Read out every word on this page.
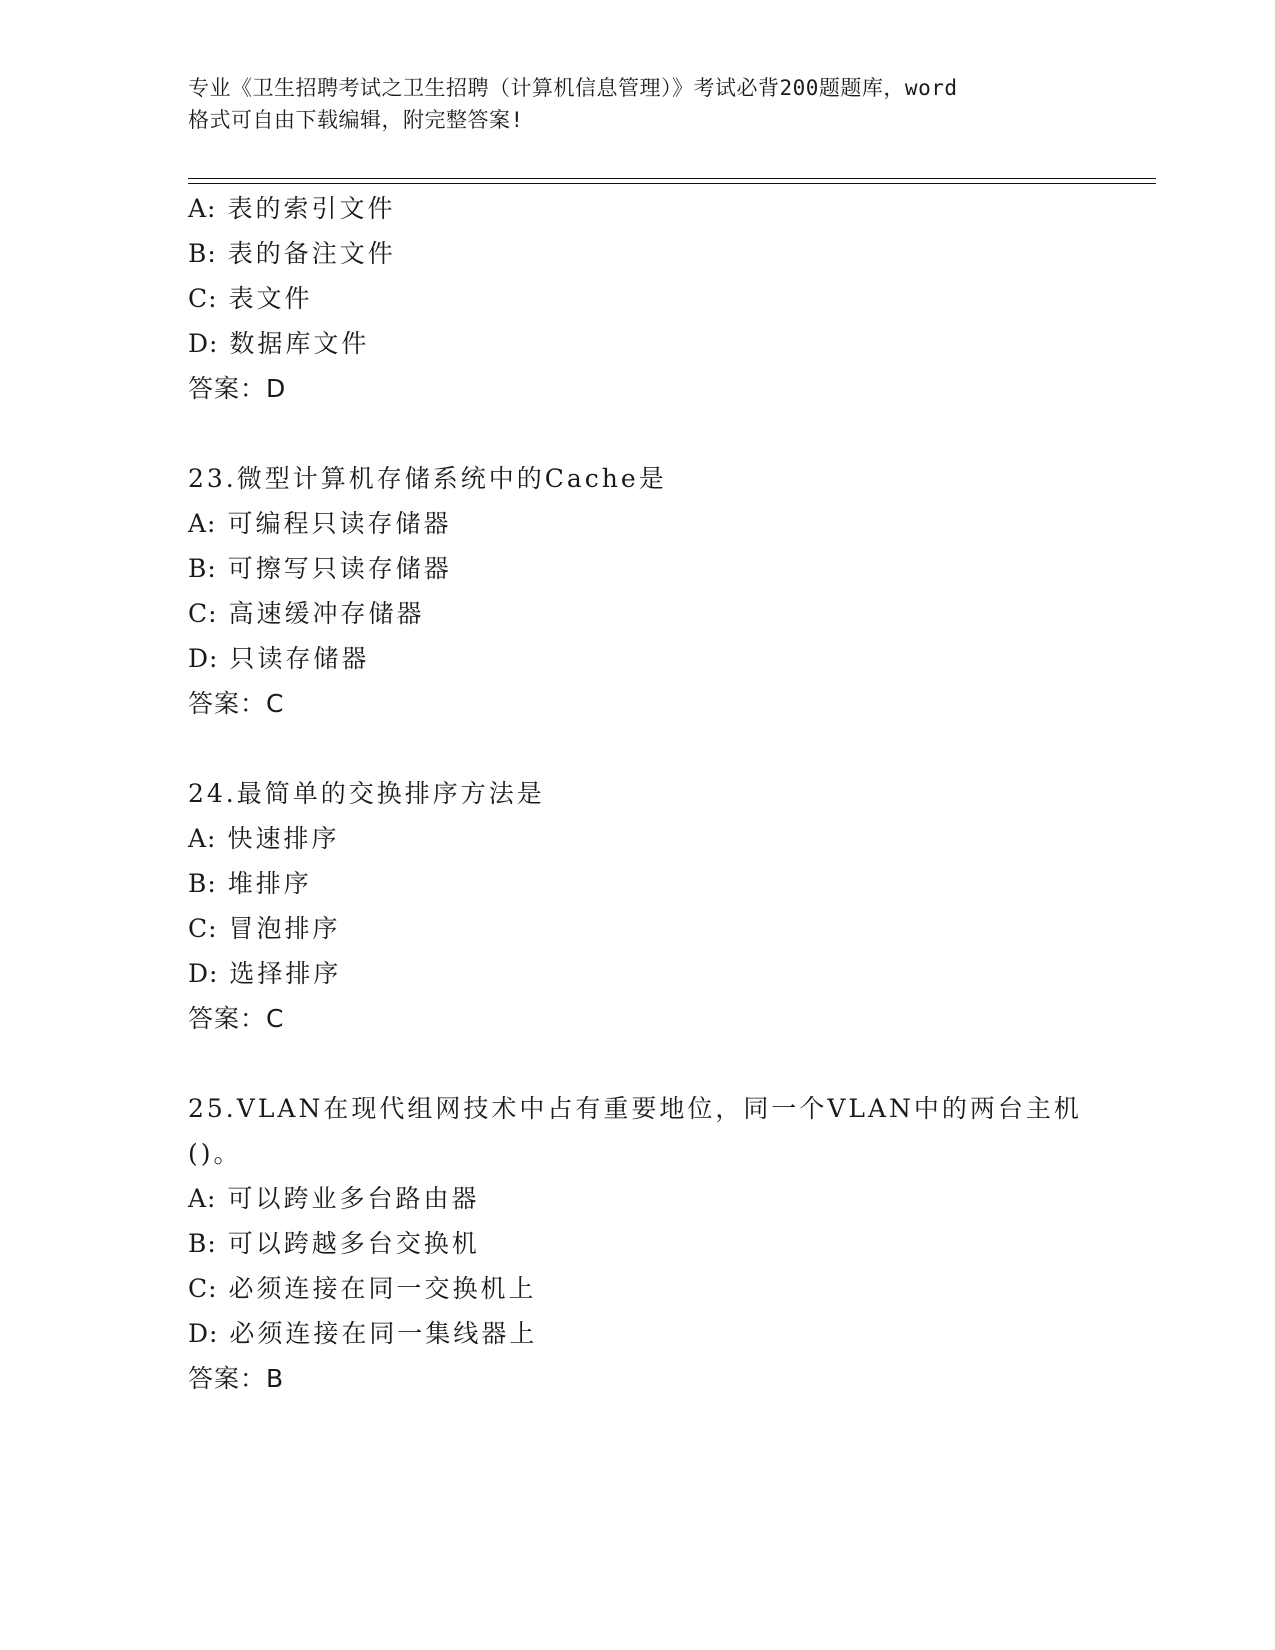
专业《卫生招聘考试之卫生招聘（计算机信息管理）》考试必背200题题库，word
格式可自由下载编辑，附完整答案!
A: 表的索引文件
B: 表的备注文件
C: 表文件
D: 数据库文件
答案：D
23.微型计算机存储系统中的Cache是
A: 可编程只读存储器
B: 可擦写只读存储器
C: 高速缓冲存储器
D: 只读存储器
答案：C
24.最简单的交换排序方法是
A: 快速排序
B: 堆排序
C: 冒泡排序
D: 选择排序
答案：C
25.VLAN在现代组网技术中占有重要地位，同一个VLAN中的两台主机
()。
A: 可以跨业多台路由器
B: 可以跨越多台交换机
C: 必须连接在同一交换机上
D: 必须连接在同一集线器上
答案：B
